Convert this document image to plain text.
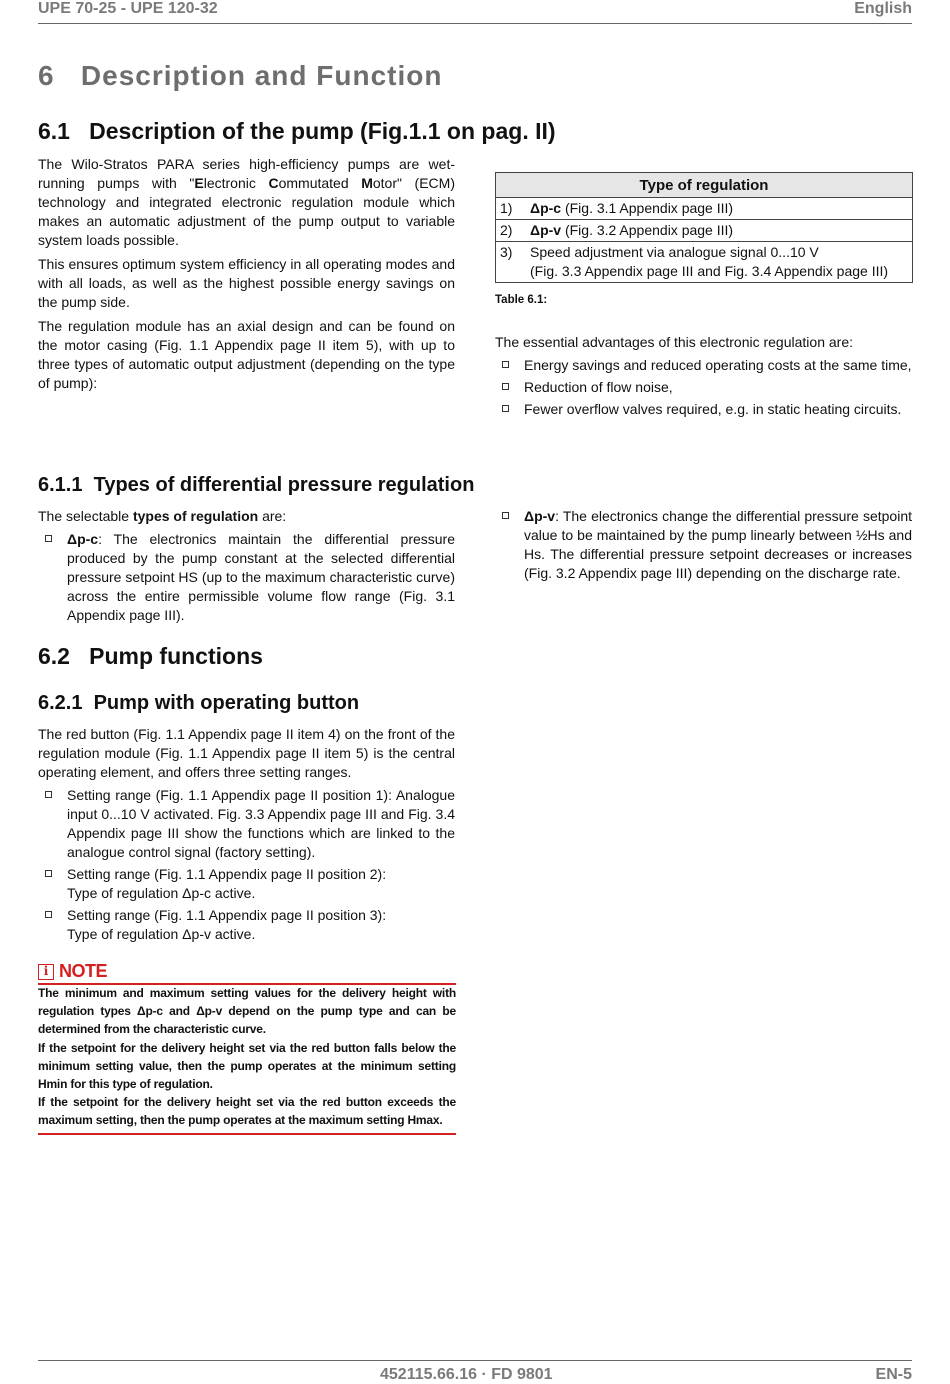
UPE 70-25 - UPE 120-32	English
6   Description and Function
6.1   Description of the pump (Fig.1.1 on pag. II)

The Wilo-Stratos PARA series high-efficiency pumps are wet-running pumps with "Electronic Commutated Motor" (ECM) technology and integrated electronic regulation module which makes an automatic adjustment of the pump output to variable system loads possible.

This ensures optimum system efficiency in all operating modes and with all loads, as well as the highest possible energy savings on the pump side.

The regulation module has an axial design and can be found on the motor casing (Fig. 1.1 Appendix page II item 5), with up to three types of automatic output adjustment (depending on the type of pump):

Type of regulation
1) Δp-c (Fig. 3.1 Appendix page III)
2) Δp-v (Fig. 3.2 Appendix page III)
3) Speed adjustment via analogue signal 0...10 V
(Fig. 3.3 Appendix page III and Fig. 3.4 Appendix page III)
Table 6.1:

The essential advantages of this electronic regulation are:

Energy savings and reduced operating costs at the same time,
Reduction of flow noise,
Fewer overflow valves required, e.g. in static heating circuits.
6.1.1  Types of differential pressure regulation

The selectable types of regulation are:

Δp-c: The electronics maintain the differential pressure produced by the pump constant at the selected differential pressure setpoint HS (up to the maximum characteristic curve) across the entire permissible volume flow range (Fig. 3.1 Appendix page III).
Δp-v: The electronics change the differential pressure setpoint value to be maintained by the pump linearly between ½Hs and Hs. The differential pressure setpoint decreases or increases (Fig. 3.2 Appendix page III) depending on the discharge rate.
6.2   Pump functions
6.2.1  Pump with operating button

The red button (Fig. 1.1 Appendix page II item 4) on the front of the regulation module (Fig. 1.1 Appendix page II item 5) is the central operating element, and offers three setting ranges.

Setting range (Fig. 1.1 Appendix page II position 1): Analogue input 0...10 V activated. Fig. 3.3 Appendix page III and Fig. 3.4 Appendix page III show the functions which are linked to the analogue control signal (factory setting).
Setting range (Fig. 1.1 Appendix page II position 2):
Type of regulation Δp-c active.
Setting range (Fig. 1.1 Appendix page II position 3):
Type of regulation Δp-v active.
i NOTE
The minimum and maximum setting values for the delivery height with regulation types Δp-c and Δp-v depend on the pump type and can be determined from the characteristic curve.
If the setpoint for the delivery height set via the red button falls below the minimum setting value, then the pump operates at the minimum setting Hmin for this type of regulation.
If the setpoint for the delivery height set via the red button exceeds the maximum setting, then the pump operates at the maximum setting Hmax.
452115.66.16 · FD 9801	EN-5
